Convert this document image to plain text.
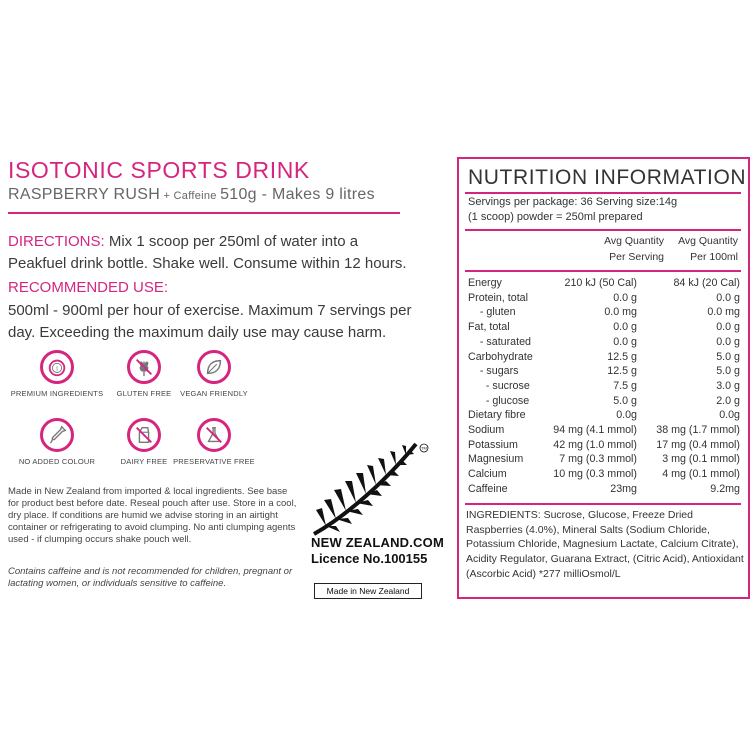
ISOTONIC SPORTS DRINK
RASPBERRY RUSH + Caffeine 510g - Makes 9 litres
DIRECTIONS: Mix 1 scoop per 250ml of water into a Peakfuel drink bottle. Shake well. Consume within 12 hours.
RECOMMENDED USE:
500ml - 900ml per hour of exercise. Maximum 7 servings per day. Exceeding the maximum daily use may cause harm.
1
PREMIUM INGREDIENTS	GLUTEN FREE	VEGAN FRIENDLY
NO ADDED COLOUR	DAIRY FREE PRESERVATIVE FREE
Made in New Zealand from imported & local ingredients. See base for product best before date. Reseal pouch after use. Store in a cool, dry place. If conditions are humid we advise storing in an airtight container or refrigerating to avoid clumping. No anti clumping agents used - if clumping occurs shake pouch well.
Contains caffeine and is not recommended for children, pregnant or lactating women, or individuals sensitive to caffeine.
TM
NEW ZEALAND.COM
Licence No.100155
Made in New Zealand
NUTRITION INFORMATION
Servings per package: 36 Serving size:14g
(1 scoop) powder = 250ml prepared
Avg Quantity
Per Serving
Avg Quantity
Per 100ml
Energy	210 kJ (50 Cal)	84 kJ (20 Cal)
Protein, total	0.0 g	0.0 g
- gluten	0.0 mg	0.0 mg
Fat, total	0.0 g	0.0 g
- saturated	0.0 g	0.0 g
Carbohydrate	12.5 g	5.0 g
- sugars	12.5 g	5.0 g
- sucrose	7.5 g	3.0 g
- glucose	5.0 g	2.0 g
Dietary fibre	0.0g	0.0g
Sodium	94 mg (4.1 mmol) 38 mg (1.7 mmol)
Potassium	42 mg (1.0 mmol) 17 mg (0.4 mmol)
Magnesium	7 mg (0.3 mmol) 3 mg (0.1 mmol)
Calcium	10 mg (0.3 mmol) 4 mg (0.1 mmol)
Caffeine	23mg	9.2mg
INGREDIENTS: Sucrose, Glucose, Freeze Dried Raspberries (4.0%), Mineral Salts (Sodium Chloride, Potassium Chloride, Magnesium Lactate, Calcium Citrate), Acidity Regulator, Guarana Extract, (Citric Acid), Antioxidant (Ascorbic Acid) *277 milliOsmol/L
